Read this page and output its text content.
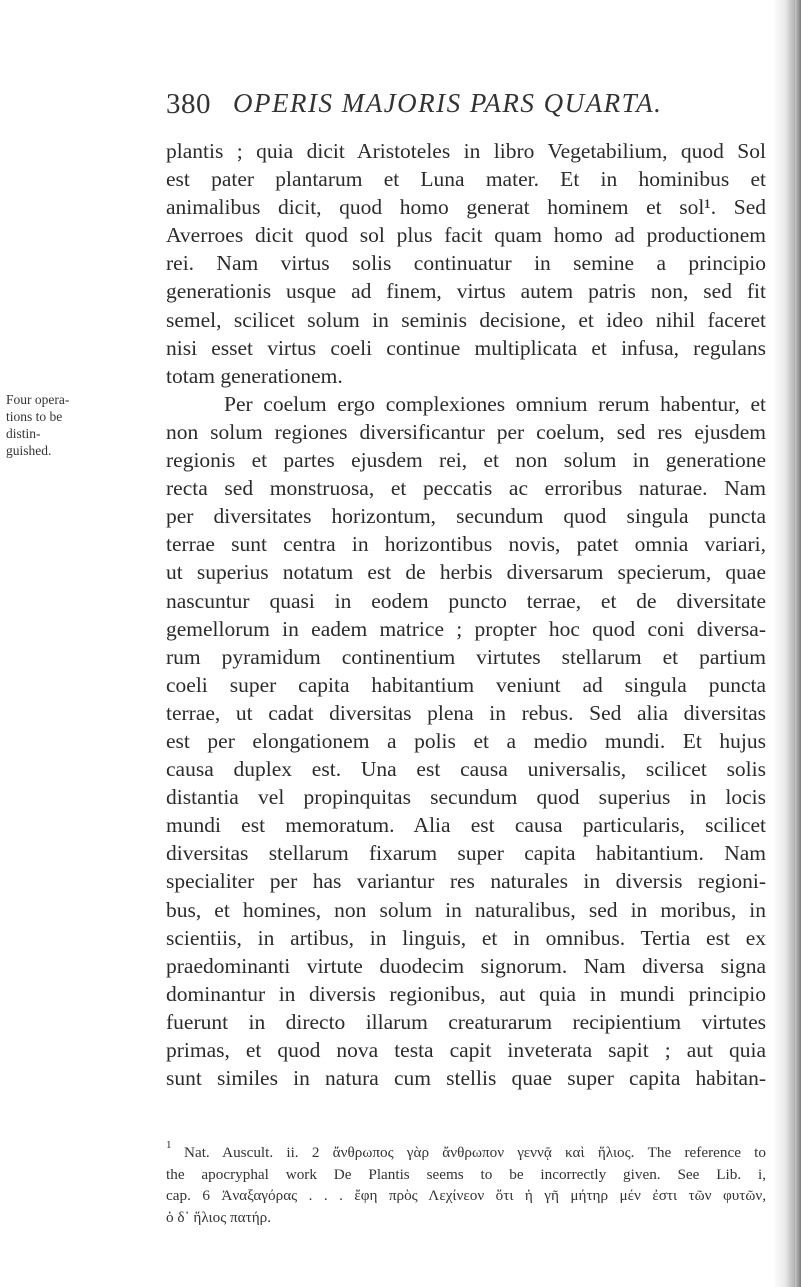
380 OPERIS MAJORIS PARS QUARTA.
Four opera-
tions to be
distin-
guished.
plantis ; quia dicit Aristoteles in libro Vegetabilium, quod Sol
est pater plantarum et Luna mater. Et in hominibus et
animalibus dicit, quod homo generat hominem et sol¹. Sed
Averroes dicit quod sol plus facit quam homo ad productionem
rei. Nam virtus solis continuatur in semine a principio
generationis usque ad finem, virtus autem patris non, sed fit
semel, scilicet solum in seminis decisione, et ideo nihil faceret
nisi esset virtus coeli continue multiplicata et infusa, regulans
totam generationem.
Per coelum ergo complexiones omnium rerum habentur, et
non solum regiones diversificantur per coelum, sed res ejusdem
regionis et partes ejusdem rei, et non solum in generatione
recta sed monstruosa, et peccatis ac erroribus naturae. Nam
per diversitates horizontum, secundum quod singula puncta
terrae sunt centra in horizontibus novis, patet omnia variari,
ut superius notatum est de herbis diversarum specierum, quae
nascuntur quasi in eodem puncto terrae, et de diversitate
gemellorum in eadem matrice ; propter hoc quod coni diversa-
rum pyramidum continentium virtutes stellarum et partium
coeli super capita habitantium veniunt ad singula puncta
terrae, ut cadat diversitas plena in rebus. Sed alia diversitas
est per elongationem a polis et a medio mundi. Et hujus
causa duplex est. Una est causa universalis, scilicet solis
distantia vel propinquitas secundum quod superius in locis
mundi est memoratum. Alia est causa particularis, scilicet
diversitas stellarum fixarum super capita habitantium. Nam
specialiter per has variantur res naturales in diversis regioni-
bus, et homines, non solum in naturalibus, sed in moribus, in
scientiis, in artibus, in linguis, et in omnibus. Tertia est ex
praedominanti virtute duodecim signorum. Nam diversa signa
dominantur in diversis regionibus, aut quia in mundi principio
fuerunt in directo illarum creaturarum recipientium virtutes
primas, et quod nova testa capit inveterata sapit ; aut quia
sunt similes in natura cum stellis quae super capita habitan-
1 Nat. Auscult. ii. 2 ἄνθρωπος γὰρ ἄνθρωπον γεννᾷ καὶ ἥλιος. The reference to
the apocryphal work De Plantis seems to be incorrectly given. See Lib. i,
cap. 6 Ἀναξαγόρας . . . ἔφη πρὸς Λεχίνεον ὅτι ἡ γῆ μήτηρ μέν ἐστι τῶν φυτῶν,
ὁ δ᾽ ἥλιος πατήρ.
